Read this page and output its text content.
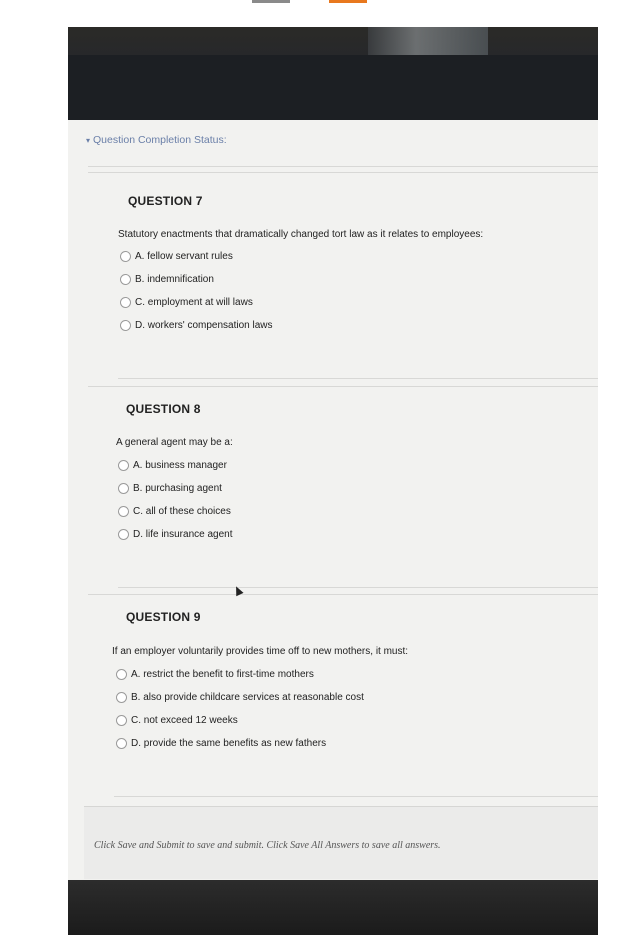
▾ Question Completion Status:
QUESTION 7
Statutory enactments that dramatically changed tort law as it relates to employees:
A. fellow servant rules
B. indemnification
C. employment at will laws
D. workers' compensation laws
QUESTION 8
A general agent may be a:
A. business manager
B. purchasing agent
C. all of these choices
D. life insurance agent
QUESTION 9
If an employer voluntarily provides time off to new mothers, it must:
A. restrict the benefit to first-time mothers
B. also provide childcare services at reasonable cost
C. not exceed 12 weeks
D. provide the same benefits as new fathers
Click Save and Submit to save and submit. Click Save All Answers to save all answers.
